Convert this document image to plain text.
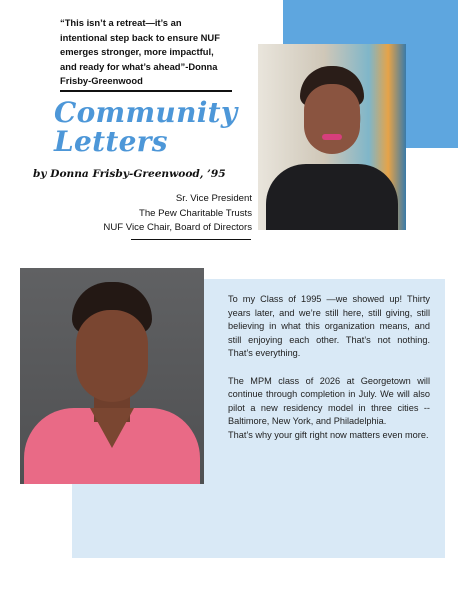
“This isn’t a retreat—it’s an
intentional step back to ensure NUF
emerges stronger, more impactful,
and ready for what’s ahead”-Donna
Frisby-Greenwood
Community
Letters
by Donna Frisby-Greenwood, ’95
Sr. Vice President
The Pew Charitable Trusts
NUF Vice Chair, Board of Directors

To my Class of 1995 —we showed up! Thirty years later, and we’re still here, still giving, still believing in what this organization means, and still enjoying each other. That’s not nothing. That’s everything.

The MPM class of 2026 at Georgetown will continue through completion in July. We will also pilot a new residency model in three cities -- Baltimore, New York, and Philadelphia.
That’s why your gift right now matters even more.
